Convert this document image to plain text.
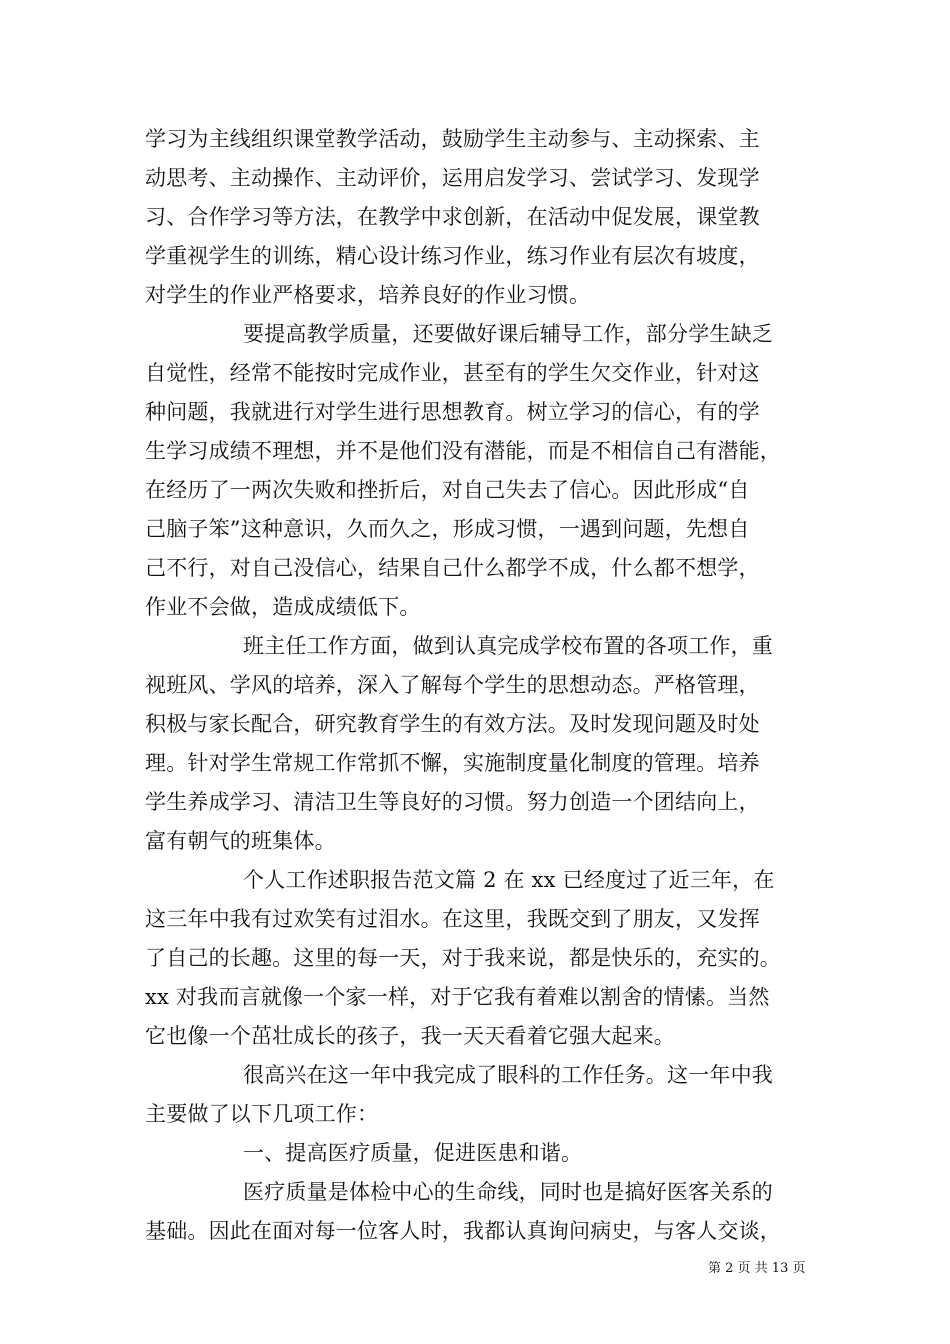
学习为主线组织课堂教学活动，鼓励学生主动参与、主动探索、主
动思考、主动操作、主动评价，运用启发学习、尝试学习、发现学
习、合作学习等方法，在教学中求创新，在活动中促发展，课堂教
学重视学生的训练，精心设计练习作业，练习作业有层次有坡度，
对学生的作业严格要求，培养良好的作业习惯。
要提高教学质量，还要做好课后辅导工作，部分学生缺乏
自觉性，经常不能按时完成作业，甚至有的学生欠交作业，针对这
种问题，我就进行对学生进行思想教育。树立学习的信心，有的学
生学习成绩不理想，并不是他们没有潜能，而是不相信自己有潜能，
在经历了一两次失败和挫折后，对自己失去了信心。因此形成“自
己脑子笨”这种意识，久而久之，形成习惯，一遇到问题，先想自
己不行，对自己没信心，结果自己什么都学不成，什么都不想学，
作业不会做，造成成绩低下。
班主任工作方面，做到认真完成学校布置的各项工作，重
视班风、学风的培养，深入了解每个学生的思想动态。严格管理，
积极与家长配合，研究教育学生的有效方法。及时发现问题及时处
理。针对学生常规工作常抓不懈，实施制度量化制度的管理。培养
学生养成学习、清洁卫生等良好的习惯。努力创造一个团结向上，
富有朝气的班集体。
个人工作述职报告范文篇 2 在 xx 已经度过了近三年，在
这三年中我有过欢笑有过泪水。在这里，我既交到了朋友，又发挥
了自己的长趣。这里的每一天，对于我来说，都是快乐的，充实的。
xx 对我而言就像一个家一样，对于它我有着难以割舍的情愫。当然
它也像一个茁壮成长的孩子，我一天天看着它强大起来。
很高兴在这一年中我完成了眼科的工作任务。这一年中我
主要做了以下几项工作：
一、提高医疗质量，促进医患和谐。
医疗质量是体检中心的生命线，同时也是搞好医客关系的
基础。因此在面对每一位客人时，我都认真询问病史，与客人交谈，
第 2 页 共 13 页
